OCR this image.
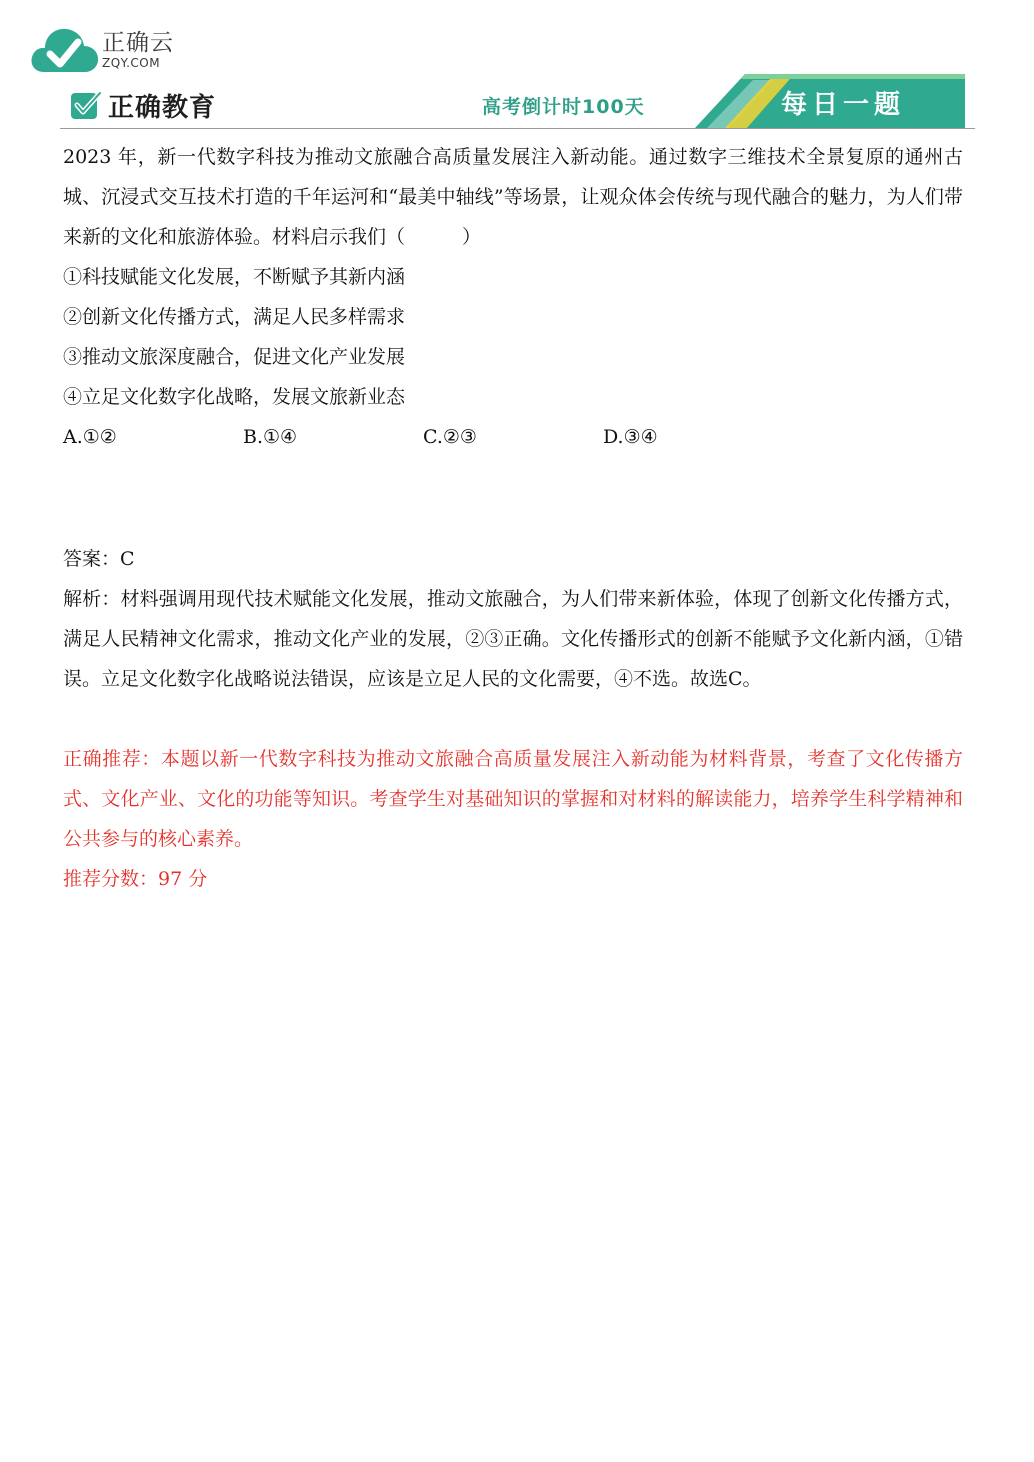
正确云
ZQY.COM
正确教育	高考倒计时100天	每日一题

2023 年，新一代数字科技为推动文旅融合高质量发展注入新动能。通过数字三维技术全景复原的通州古城、沉浸式交互技术打造的千年运河和“最美中轴线”等场景，让观众体会传统与现代融合的魅力，为人们带来新的文化和旅游体验。材料启示我们（　　　）

①科技赋能文化发展，不断赋予其新内涵

②创新文化传播方式，满足人民多样需求

③推动文旅深度融合，促进文化产业发展

④立足文化数字化战略，发展文旅新业态

A.①②	B.①④	C.②③	D.③④

答案：C

解析：材料强调用现代技术赋能文化发展，推动文旅融合，为人们带来新体验，体现了创新文化传播方式，满足人民精神文化需求，推动文化产业的发展，②③正确。文化传播形式的创新不能赋予文化新内涵，①错误。立足文化数字化战略说法错误，应该是立足人民的文化需要，④不选。故选C。

正确推荐：本题以新一代数字科技为推动文旅融合高质量发展注入新动能为材料背景，考查了文化传播方式、文化产业、文化的功能等知识。考查学生对基础知识的掌握和对材料的解读能力，培养学生科学精神和公共参与的核心素养。

推荐分数：97 分
